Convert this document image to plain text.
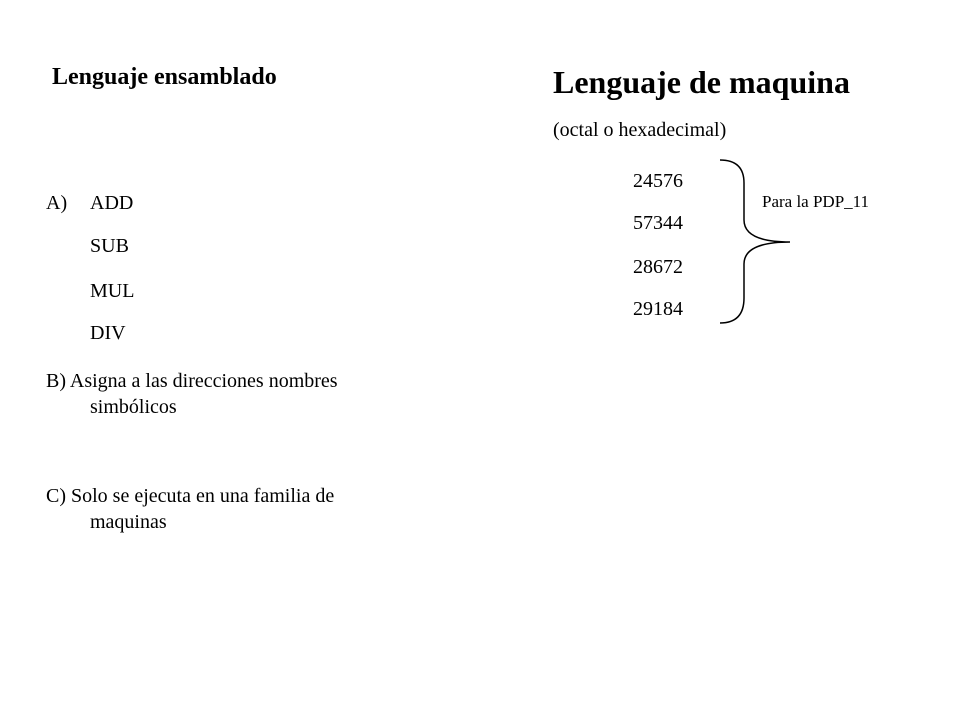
Lenguaje ensamblado
A) ADD
SUB
MUL
DIV
B) Asigna a las direcciones nombres
simbólicos
C) Solo se ejecuta en una familia de
maquinas
Lenguaje de maquina
(octal o hexadecimal)
24576
57344
28672
29184
Para la PDP_11
